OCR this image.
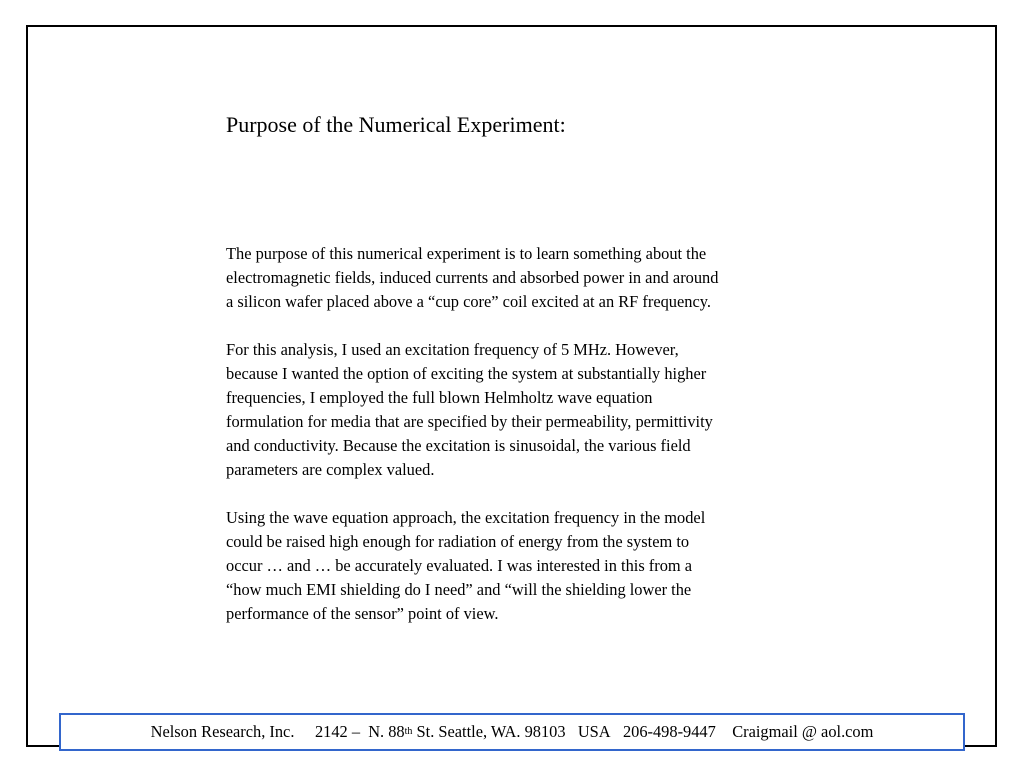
Purpose of the Numerical Experiment:

The purpose of this numerical experiment is to learn something about the
electromagnetic fields, induced currents and absorbed power in and around
a silicon wafer placed above a “cup core” coil excited at an RF frequency.

For this analysis, I used an excitation frequency of 5 MHz. However,
because I wanted the option of exciting the system at substantially higher
frequencies, I employed the full blown Helmholtz wave equation
formulation for media that are specified by their permeability, permittivity
and conductivity. Because the excitation is sinusoidal, the various field
parameters are complex valued.

Using the wave equation approach, the excitation frequency in the model
could be raised high enough for radiation of energy from the system to
occur … and … be accurately evaluated. I was interested in this from a
“how much EMI shielding do I need” and “will the shielding lower the
performance of the sensor” point of view.

Nelson Research, Inc.
2142 –  N. 88 th St. Seattle, WA. 98103   USA
206-498-9447
Craigmail @ aol.com
